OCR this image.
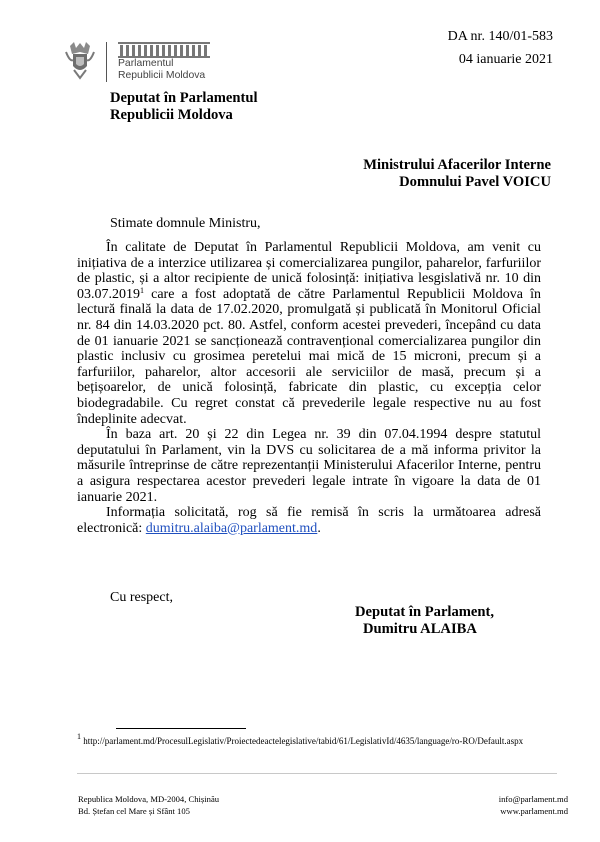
Parlamentul
Republicii Moldova
DA nr. 140/01-583
04 ianuarie 2021
Deputat în Parlamentul
Republicii Moldova
Ministrului Afacerilor Interne
Domnului Pavel VOICU
Stimate domnule Ministru,

În calitate de Deputat în Parlamentul Republicii Moldova, am venit cu inițiativa de a interzice utilizarea și comercializarea pungilor, paharelor, farfuriilor de plastic, și a altor recipiente de unică folosință: inițiativa lesgislativă nr. 10 din 03.07.2019$^1$ care a fost adoptată de către Parlamentul Republicii Moldova în lectură finală la data de 17.02.2020, promulgată și publicată în Monitorul Oficial nr. 84 din 14.03.2020 pct. 80. Astfel, conform acestei prevederi, începând cu data de 01 ianuarie 2021 se sancționează contravențional comercializarea pungilor din plastic inclusiv cu grosimea peretelui mai mică de 15 microni, precum și a farfuriilor, paharelor, altor accesorii ale serviciilor de masă, precum și a bețișoarelor, de unică folosință, fabricate din plastic, cu excepția celor biodegradabile. Cu regret constat că prevederile legale respective nu au fost îndeplinite adecvat.

În baza art. 20 și 22 din Legea nr. 39 din 07.04.1994 despre statutul deputatului în Parlament, vin la DVS cu solicitarea de a mă informa privitor la măsurile întreprinse de către reprezentanții Ministerului Afacerilor Interne, pentru a asigura respectarea acestor prevederi legale intrate în vigoare la data de 01 ianuarie 2021.

Informația solicitată, rog să fie remisă în scris la următoarea adresă electronică: dumitru.alaiba@parlament.md.

Cu respect,
Deputat în Parlament,
Dumitru ALAIBA
$^1$ http://parlament.md/ProcesulLegislativ/Proiectedeactelegislative/tabid/61/LegislativId/4635/language/ro-RO/Default.aspx
Republica Moldova, MD-2004, Chișinău
Bd. Ștefan cel Mare și Sfânt 105
info@parlament.md
www.parlament.md
